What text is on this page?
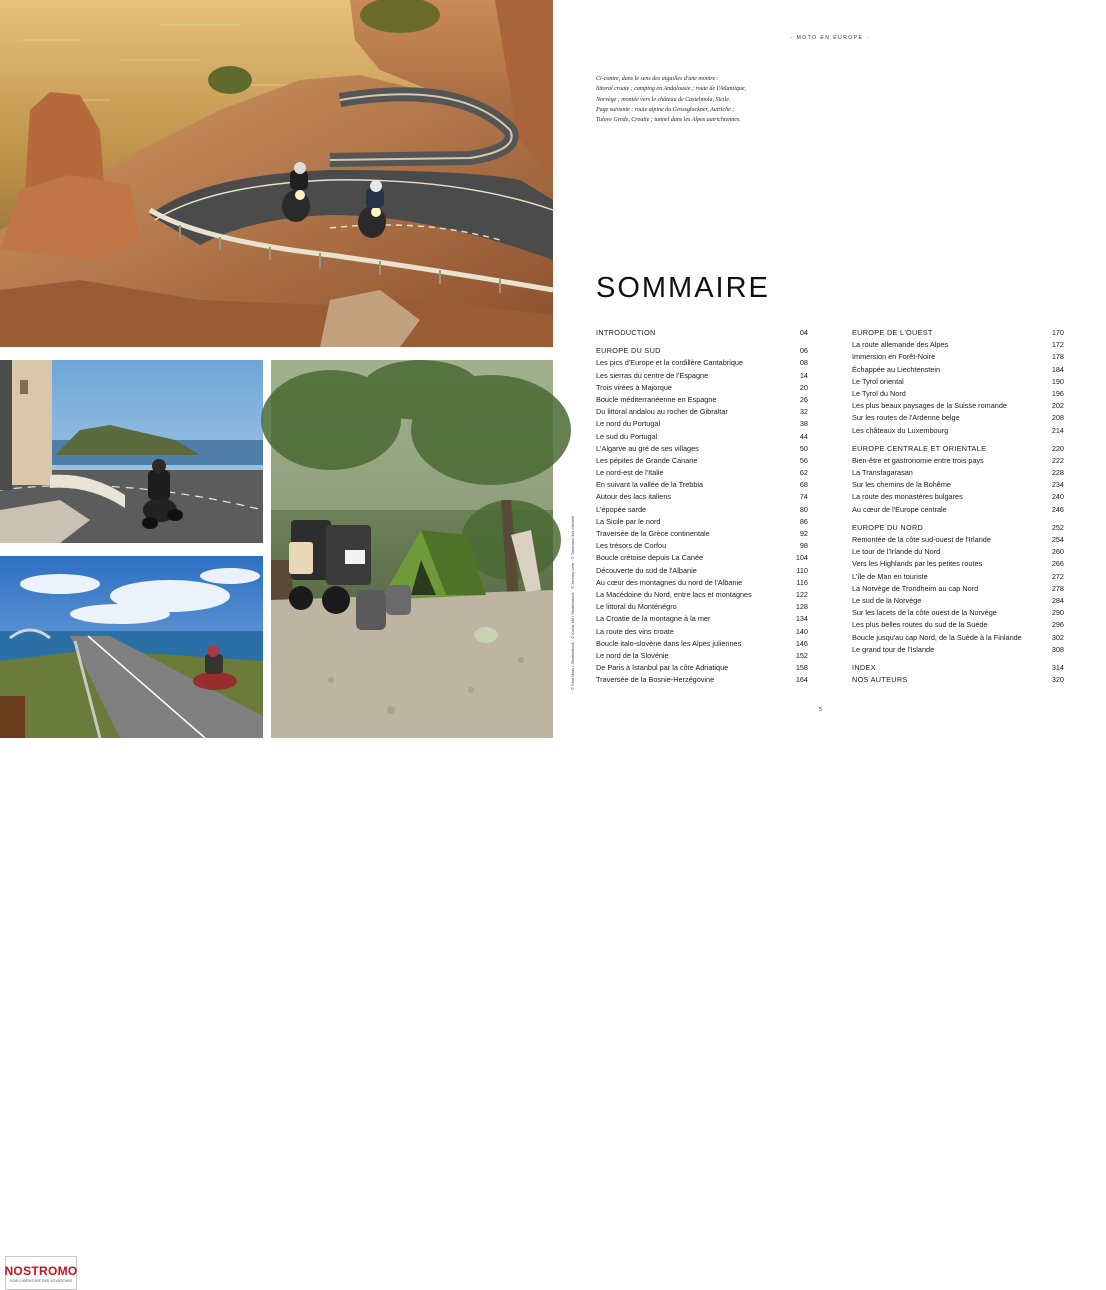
NOSTROMO
VOIR L'AVENTURE DES VOYAGEURS
© Sina Mars / Shutterstock · © Konst Mit / Shutterstock · © Jeremy Lehr · © Tommaso Ilini Michele
· MOTO EN EUROPE ·
Ci-contre, dans le sens des aiguilles d'une montre :
littoral croate ; camping en Andalousie ; route de l'Atlantique,
Norvège ; montée vers le château de Castelmola, Sicile.
Page suivante : route alpine du Grossglockner, Autriche ;
Tulove Grede, Croatie ; tunnel dans les Alpes autrichiennes.
SOMMAIRE
INTRODUCTION	04
EUROPE DU SUD	06
Les pics d'Europe et la cordillère Cantabrique	08
Les sierras du centre de l'Espagne	14
Trois virées à Majorque	20
Boucle méditerranéenne en Espagne	26
Du littoral andalou au rocher de Gibraltar	32
Le nord du Portugal	38
Le sud du Portugal	44
L'Algarve au gré de ses villages	50
Les pépites de Grande Canarie	56
Le nord-est de l'Italie	62
En suivant la vallée de la Trebbia	68
Autour des lacs italiens	74
L'épopée sarde	80
La Sicile par le nord	86
Traversée de la Grèce continentale	92
Les trésors de Corfou	98
Boucle crétoise depuis La Canée	104
Découverte du sud de l'Albanie	110
Au cœur des montagnes du nord de l'Albanie	116
La Macédoine du Nord, entre lacs et montagnes	122
Le littoral du Monténégro	128
La Croatie de la montagne à la mer	134
La route des vins croate	140
Boucle italo-slovène dans les Alpes juliennes	146
Le nord de la Slovénie	152
De Paris à Istanbul par la côte Adriatique	158
Traversée de la Bosnie-Herzégovine	164
EUROPE DE L'OUEST	170
La route allemande des Alpes	172
Immersion en Forêt-Noire	178
Échappée au Liechtenstein	184
Le Tyrol oriental	190
Le Tyrol du Nord	196
Les plus beaux paysages de la Suisse romande	202
Sur les routes de l'Ardenne belge	208
Les châteaux du Luxembourg	214
EUROPE CENTRALE ET ORIENTALE	220
Bien-être et gastronomie entre trois pays	222
La Transfagarasan	228
Sur les chemins de la Bohême	234
La route des monastères bulgares	240
Au cœur de l'Europe centrale	246
EUROPE DU NORD	252
Remontée de la côte sud-ouest de l'Irlande	254
Le tour de l'Irlande du Nord	260
Vers les Highlands par les petites routes	266
L'île de Man en touriste	272
La Norvège de Trondheim au cap Nord	278
Le sud de la Norvège	284
Sur les lacets de la côte ouest de la Norvège	290
Les plus belles routes du sud de la Suède	296
Boucle jusqu'au cap Nord, de la Suède à la Finlande	302
Le grand tour de l'Islande	308
INDEX	314
NOS AUTEURS	320
5
